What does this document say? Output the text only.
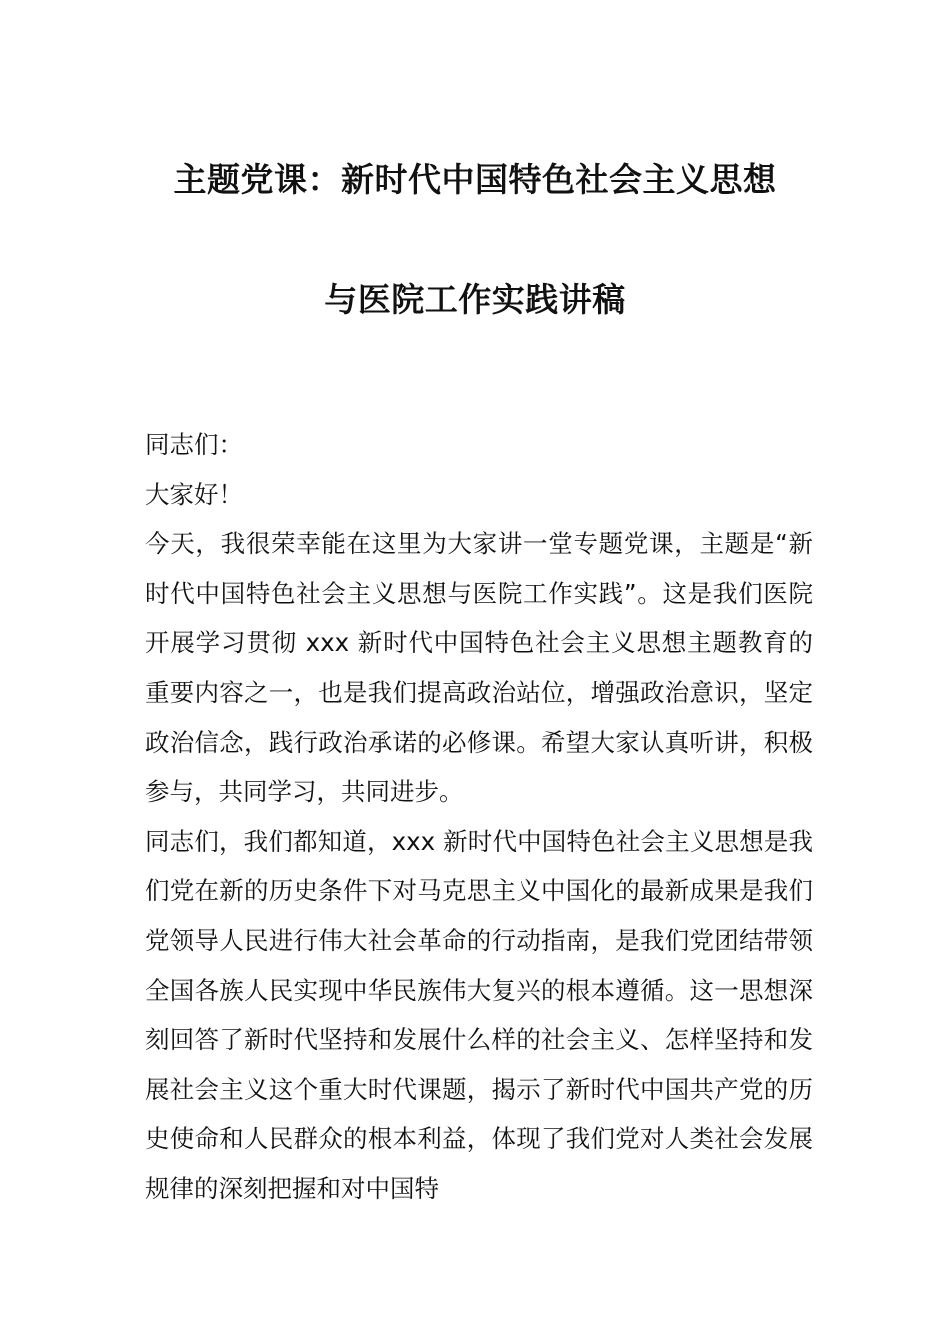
主题党课：新时代中国特色社会主义思想
与医院工作实践讲稿

同志们：

大家好！

今天，我很荣幸能在这里为大家讲一堂专题党课，主题是“新时代中国特色社会主义思想与医院工作实践”。这是我们医院开展学习贯彻 xxx 新时代中国特色社会主义思想主题教育的重要内容之一，也是我们提高政治站位，增强政治意识，坚定政治信念，践行政治承诺的必修课。希望大家认真听讲，积极参与，共同学习，共同进步。

同志们，我们都知道，xxx 新时代中国特色社会主义思想是我们党在新的历史条件下对马克思主义中国化的最新成果是我们党领导人民进行伟大社会革命的行动指南，是我们党团结带领全国各族人民实现中华民族伟大复兴的根本遵循。这一思想深刻回答了新时代坚持和发展什么样的社会主义、怎样坚持和发展社会主义这个重大时代课题，揭示了新时代中国共产党的历史使命和人民群众的根本利益，体现了我们党对人类社会发展规律的深刻把握和对中国特
